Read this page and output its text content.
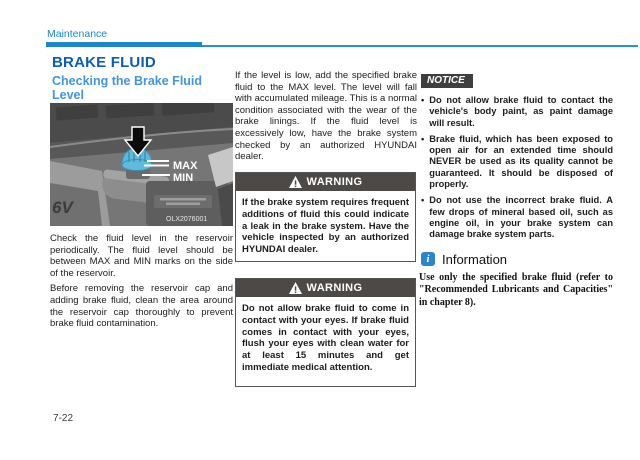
Maintenance
BRAKE FLUID
Checking the Brake Fluid Level
6V
MAX
MIN
OLX2076001

Check the fluid level in the reservoir periodically. The fluid level should be between MAX and MIN marks on the side of the reservoir.

Before removing the reservoir cap and adding brake fluid, clean the area around the reservoir cap thoroughly to prevent brake fluid contamination.

If the level is low, add the specified brake fluid to the MAX level. The level will fall with accumulated mileage. This is a normal condition associated with the wear of the brake linings. If the fluid level is excessively low, have the brake system checked by an authorized HYUNDAI dealer.

WARNING
If the brake system requires frequent additions of fluid this could indicate a leak in the brake system. Have the vehicle inspected by an authorized HYUNDAI dealer.
WARNING
Do not allow brake fluid to come in contact with your eyes. If brake fluid comes in contact with your eyes, flush your eyes with clean water for at least 15 minutes and get immediate medical attention.
NOTICE
• Do not allow brake fluid to contact the vehicle's body paint, as paint damage will result.
• Brake fluid, which has been exposed to open air for an extended time should NEVER be used as its quality cannot be guaranteed. It should be disposed of properly.
• Do not use the incorrect brake fluid. A few drops of mineral based oil, such as engine oil, in your brake system can damage brake system parts.
i Information
Use only the specified brake fluid (refer to "Recommended Lubricants and Capacities" in chapter 8).
7-22
